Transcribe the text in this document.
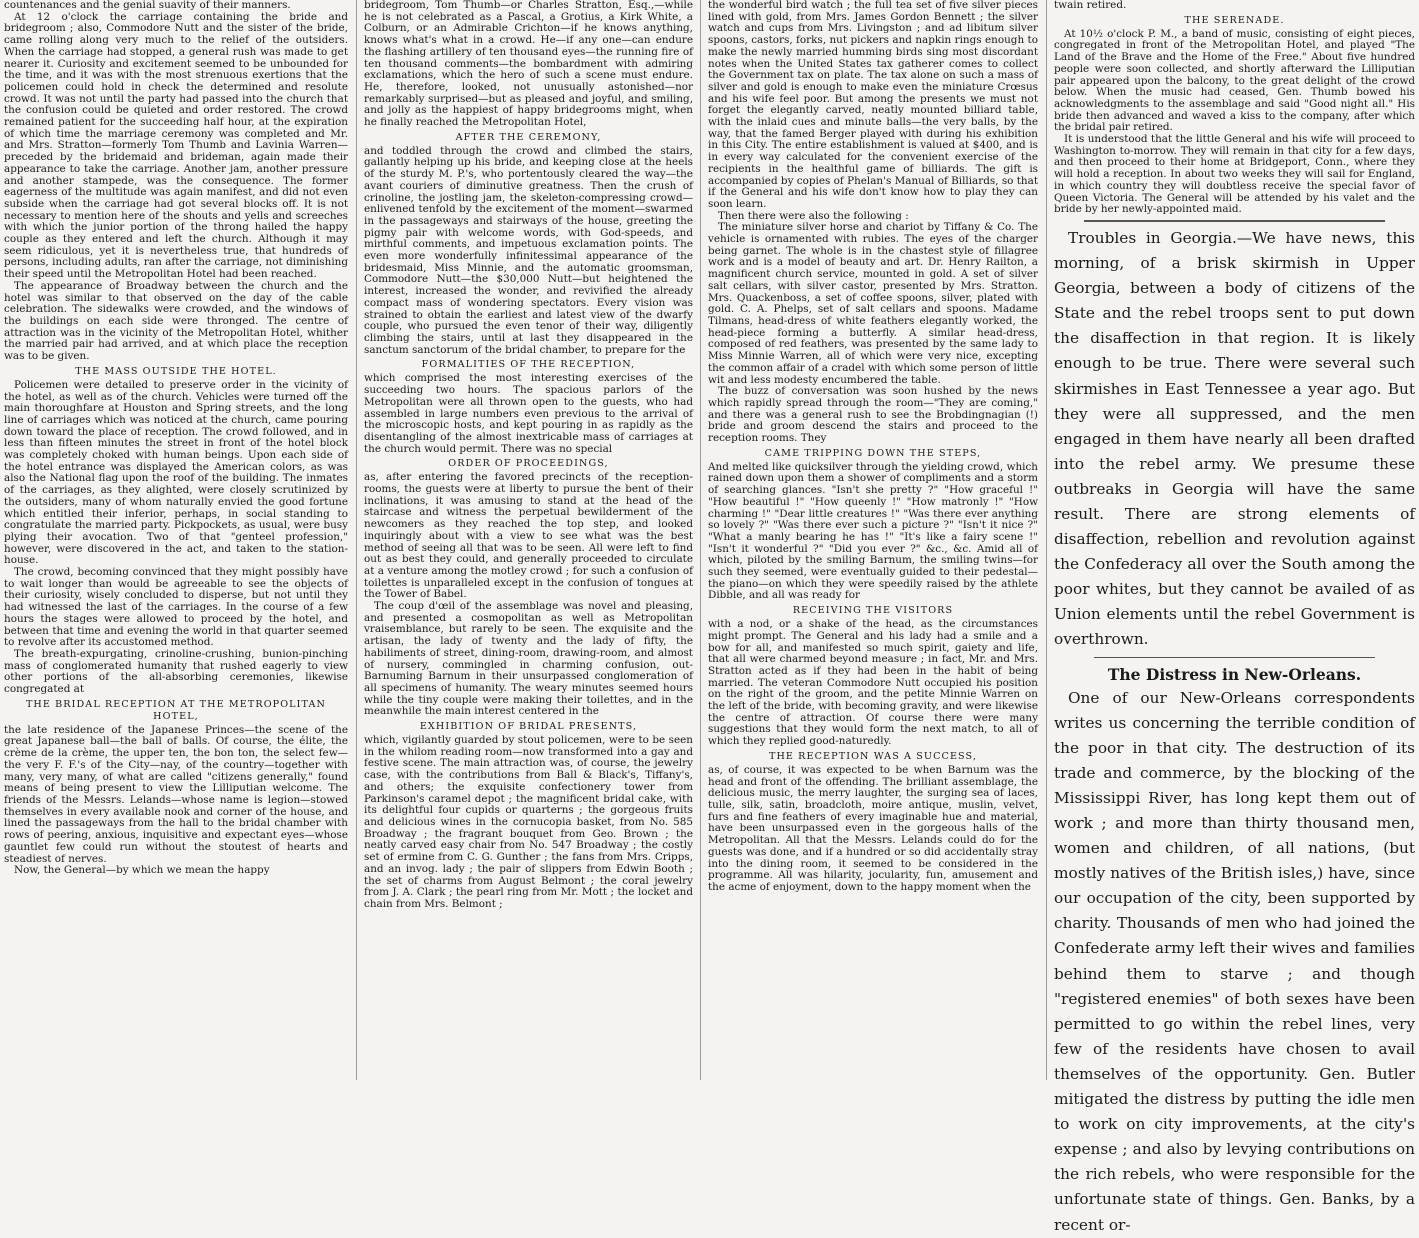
countenances and the genial suavity of their manners.

At 12 o'clock the carriage containing the bride and bridegroom ; also, Commodore Nutt and the sister of the bride, came rolling along very much to the relief of the outsiders. When the carriage had stopped, a general rush was made to get nearer it. Curiosity and excitement seemed to be unbounded for the time, and it was with the most strenuous exertions that the policemen could hold in check the determined and resolute crowd. It was not until the party had passed into the church that the confusion could be quieted and order restored. The crowd remained patient for the succeeding half hour, at the expiration of which time the marriage ceremony was completed and Mr. and Mrs. Stratton—formerly Tom Thumb and Lavinia Warren—preceded by the bridemaid and brideman, again made their appearance to take the carriage. Another jam, another pressure and another stampede, was the consequence. The former eagerness of the multitude was again manifest, and did not even subside when the carriage had got several blocks off. It is not necessary to mention here of the shouts and yells and screeches with which the junior portion of the throng hailed the happy couple as they entered and left the church. Although it may seem ridiculous, yet it is nevertheless true, that hundreds of persons, including adults, ran after the carriage, not diminishing their speed until the Metropolitan Hotel had been reached.

The appearance of Broadway between the church and the hotel was similar to that observed on the day of the cable celebration. The sidewalks were crowded, and the windows of the buildings on each side were thronged. The centre of attraction was in the vicinity of the Metropolitan Hotel, whither the married pair had arrived, and at which place the reception was to be given.

THE MASS OUTSIDE THE HOTEL.

Policemen were detailed to preserve order in the vicinity of the hotel, as well as of the church. Vehicles were turned off the main thoroughfare at Houston and Spring streets, and the long line of carriages which was noticed at the church, came pouring down toward the place of reception. The crowd followed, and in less than fifteen minutes the street in front of the hotel block was completely choked with human beings. Upon each side of the hotel entrance was displayed the American colors, as was also the National flag upon the roof of the building. The inmates of the carriages, as they alighted, were closely scrutinized by the outsiders, many of whom naturally envied the good fortune which entitled their inferior, perhaps, in social standing to congratulate the married party. Pickpockets, as usual, were busy plying their avocation. Two of that "genteel profession," however, were discovered in the act, and taken to the station-house.

The crowd, becoming convinced that they might possibly have to wait longer than would be agreeable to see the objects of their curiosity, wisely concluded to disperse, but not until they had witnessed the last of the carriages. In the course of a few hours the stages were allowed to proceed by the hotel, and between that time and evening the world in that quarter seemed to revolve after its accustomed method.

The breath-expurgating, crinoline-crushing, bunion-pinching mass of conglomerated humanity that rushed eagerly to view other portions of the all-absorbing ceremonies, likewise congregated at

THE BRIDAL RECEPTION AT THE METROPOLITAN HOTEL,

the late residence of the Japanese Princes—the scene of the great Japanese ball—the ball of balls. Of course, the élite, the crème de la crème, the upper ten, the bon ton, the select few—the very F. F.'s of the City—nay, of the country—together with many, very many, of what are called "citizens generally," found means of being present to view the Lilliputian welcome. The friends of the Messrs. Lelands—whose name is legion—stowed themselves in every available nook and corner of the house, and lined the passageways from the hall to the bridal chamber with rows of peering, anxious, inquisitive and expectant eyes—whose gauntlet few could run without the stoutest of hearts and steadiest of nerves.

Now, the General—by which we mean the happy

bridegroom, Tom Thumb—or Charles Stratton, Esq.,—while he is not celebrated as a Pascal, a Grotius, a Kirk White, a Colburn, or an Admirable Crichton—if he knows anything, knows what's what in a crowd. He—if any one—can endure the flashing artillery of ten thousand eyes—the running fire of ten thousand comments—the bombardment with admiring exclamations, which the hero of such a scene must endure. He, therefore, looked, not unusually astonished—nor remarkably surprised—but as pleased and joyful, and smiling, and jolly as the happiest of happy bridegrooms might, when he finally reached the Metropolitan Hotel,

AFTER THE CEREMONY,

and toddled through the crowd and climbed the stairs, gallantly helping up his bride, and keeping close at the heels of the sturdy M. P.'s, who portentously cleared the way—the avant couriers of diminutive greatness. Then the crush of crinoline, the jostling jam, the skeleton-compressing crowd—enlivened tenfold by the excitement of the moment—swarmed in the passageways and stairways of the house, greeting the pigmy pair with welcome words, with God-speeds, and mirthful comments, and impetuous exclamation points. The even more wonderfully infinitessimal appearance of the bridesmaid, Miss Minnie, and the automatic groomsman, Commodore Nutt—the $30,000 Nutt—but heightened the interest, increased the wonder, and revivified the already compact mass of wondering spectators. Every vision was strained to obtain the earliest and latest view of the dwarfy couple, who pursued the even tenor of their way, diligently climbing the stairs, until at last they disappeared in the sanctum sanctorum of the bridal chamber, to prepare for the

FORMALITIES OF THE RECEPTION,

which comprised the most interesting exercises of the succeeding two hours. The spacious parlors of the Metropolitan were all thrown open to the guests, who had assembled in large numbers even previous to the arrival of the microscopic hosts, and kept pouring in as rapidly as the disentangling of the almost inextricable mass of carriages at the church would permit. There was no special

ORDER OF PROCEEDINGS,

as, after entering the favored precincts of the reception-rooms, the guests were at liberty to pursue the bent of their inclinations, it was amusing to stand at the head of the staircase and witness the perpetual bewilderment of the newcomers as they reached the top step, and looked inquiringly about with a view to see what was the best method of seeing all that was to be seen. All were left to find out as best they could, and generally proceeded to circulate at a venture among the motley crowd ; for such a confusion of toilettes is unparalleled except in the confusion of tongues at the Tower of Babel.

The coup d'œil of the assemblage was novel and pleasing, and presented a cosmopolitan as well as Metropolitan vraisemblance, but rarely to be seen. The exquisite and the artisan, the lady of twenty and the lady of fifty, the habiliments of street, dining-room, drawing-room, and almost of nursery, commingled in charming confusion, out-Barnuming Barnum in their unsurpassed conglomeration of all specimens of humanity. The weary minutes seemed hours while the tiny couple were making their toilettes, and in the meanwhile the main interest centered in the

EXHIBITION OF BRIDAL PRESENTS,

which, vigilantly guarded by stout policemen, were to be seen in the whilom reading room—now transformed into a gay and festive scene. The main attraction was, of course, the jewelry case, with the contributions from Ball & Black's, Tiffany's, and others; the exquisite confectionery tower from Parkinson's caramel depot ; the magnificent bridal cake, with its delightful four cupids or quarterns ; the gorgeous fruits and delicious wines in the cornucopia basket, from No. 585 Broadway ; the fragrant bouquet from Geo. Brown ; the neatly carved easy chair from No. 547 Broadway ; the costly set of ermine from C. G. Gunther ; the fans from Mrs. Cripps, and an invog. lady ; the pair of slippers from Edwin Booth ; the set of charms from August Belmont ; the coral jewelry from J. A. Clark ; the pearl ring from Mr. Mott ; the locket and chain from Mrs. Belmont ;

the wonderful bird watch ; the full tea set of five silver pieces lined with gold, from Mrs. James Gordon Bennett ; the silver watch and cups from Mrs. Livingston ; and ad libitum silver spoons, castors, forks, nut pickers and napkin rings enough to make the newly married humming birds sing most discordant notes when the United States tax gatherer comes to collect the Government tax on plate. The tax alone on such a mass of silver and gold is enough to make even the miniature Crœsus and his wife feel poor. But among the presents we must not forget the elegantly carved, neatly mounted billiard table, with the inlaid cues and minute balls—the very balls, by the way, that the famed Berger played with during his exhibition in this City. The entire establishment is valued at $400, and is in every way calculated for the convenient exercise of the recipients in the healthful game of billiards. The gift is accompanied by copies of Phelan's Manual of Billiards, so that if the General and his wife don't know how to play they can soon learn.

Then there were also the following :

The miniature silver horse and chariot by Tiffany & Co. The vehicle is ornamented with rubies. The eyes of the charger being garnet. The whole is in the chastest style of fillagree work and is a model of beauty and art. Dr. Henry Railton, a magnificent church service, mounted in gold. A set of silver salt cellars, with silver castor, presented by Mrs. Stratton. Mrs. Quackenboss, a set of coffee spoons, silver, plated with gold. C. A. Phelps, set of salt cellars and spoons. Madame Tilmans, head-dress of white feathers elegantly worked, the head-piece forming a butterfly. A similar head-dress, composed of red feathers, was presented by the same lady to Miss Minnie Warren, all of which were very nice, excepting the common affair of a cradel with which some person of little wit and less modesty encumbered the table.

The buzz of conversation was soon hushed by the news which rapidly spread through the room—"They are coming," and there was a general rush to see the Brobdingnagian (!) bride and groom descend the stairs and proceed to the reception rooms. They

CAME TRIPPING DOWN THE STEPS,

And melted like quicksilver through the yielding crowd, which rained down upon them a shower of compliments and a storm of searching glances. "Isn't she pretty ?" "How graceful !" "How beautiful !" "How queenly !" "How matronly !" "How charming !" "Dear little creatures !" "Was there ever anything so lovely ?" "Was there ever such a picture ?" "Isn't it nice ?" "What a manly bearing he has !" "It's like a fairy scene !" "Isn't it wonderful ?" "Did you ever ?" &c., &c. Amid all of which, piloted by the smiling Barnum, the smiling twins—for such they seemed, were eventually guided to their pedestal—the piano—on which they were speedily raised by the athlete Dibble, and all was ready for

RECEIVING THE VISITORS

with a nod, or a shake of the head, as the circumstances might prompt. The General and his lady had a smile and a bow for all, and manifested so much spirit, gaiety and life, that all were charmed beyond measure ; in fact, Mr. and Mrs. Stratton acted as if they had been in the habit of being married. The veteran Commodore Nutt occupied his position on the right of the groom, and the petite Minnie Warren on the left of the bride, with becoming gravity, and were likewise the centre of attraction. Of course there were many suggestions that they would form the next match, to all of which they replied good-naturedly.

THE RECEPTION WAS A SUCCESS,

as, of course, it was expected to be when Barnum was the head and front of the offending. The brilliant assemblage, the delicious music, the merry laughter, the surging sea of laces, tulle, silk, satin, broadcloth, moire antique, muslin, velvet, furs and fine feathers of every imaginable hue and material, have been unsurpassed even in the gorgeous halls of the Metropolitan. All that the Messrs. Lelands could do for the guests was done, and if a hundred or so did accidentally stray into the dining room, it seemed to be considered in the programme. All was hilarity, jocularity, fun, amusement and the acme of enjoyment, down to the happy moment when the

twain retired.

THE SERENADE.

At 10½ o'clock P. M., a band of music, consisting of eight pieces, congregated in front of the Metropolitan Hotel, and played "The Land of the Brave and the Home of the Free." About five hundred people were soon collected, and shortly afterward the Lilliputian pair appeared upon the balcony, to the great delight of the crowd below. When the music had ceased, Gen. Thumb bowed his acknowledgments to the assemblage and said "Good night all." His bride then advanced and waved a kiss to the company, after which the bridal pair retired.

It is understood that the little General and his wife will proceed to Washington to-morrow. They will remain in that city for a few days, and then proceed to their home at Bridgeport, Conn., where they will hold a reception. In about two weeks they will sail for England, in which country they will doubtless receive the special favor of Queen Victoria. The General will be attended by his valet and the bride by her newly-appointed maid.

Troubles in Georgia.—We have news, this morning, of a brisk skirmish in Upper Georgia, between a body of citizens of the State and the rebel troops sent to put down the disaffection in that region. It is likely enough to be true. There were several such skirmishes in East Tennessee a year ago. But they were all suppressed, and the men engaged in them have nearly all been drafted into the rebel army. We presume these outbreaks in Georgia will have the same result. There are strong elements of disaffection, rebellion and revolution against the Confederacy all over the South among the poor whites, but they cannot be availed of as Union elements until the rebel Government is overthrown.

The Distress in New-Orleans.

One of our New-Orleans correspondents writes us concerning the terrible condition of the poor in that city. The destruction of its trade and commerce, by the blocking of the Mississippi River, has long kept them out of work ; and more than thirty thousand men, women and children, of all nations, (but mostly natives of the British isles,) have, since our occupation of the city, been supported by charity. Thousands of men who had joined the Confederate army left their wives and families behind them to starve ; and though "registered enemies" of both sexes have been permitted to go within the rebel lines, very few of the residents have chosen to avail themselves of the opportunity. Gen. Butler mitigated the distress by putting the idle men to work on city improvements, at the city's expense ; and also by levying contributions on the rich rebels, who were responsible for the unfortunate state of things. Gen. Banks, by a recent or-
